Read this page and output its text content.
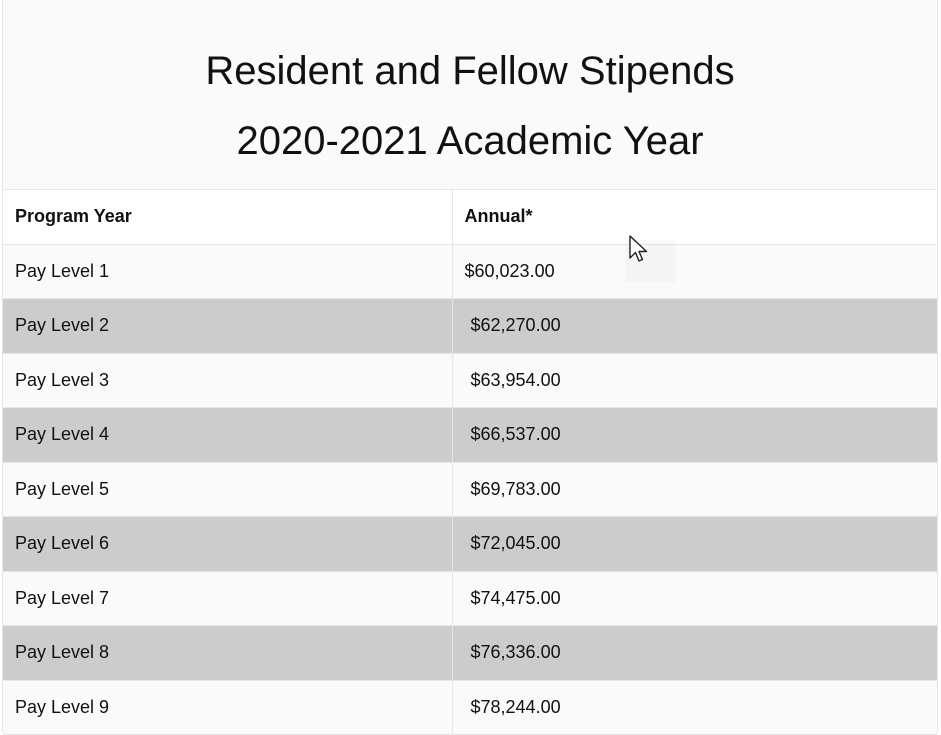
Resident and Fellow Stipends
2020-2021 Academic Year
Program Year	Annual*
Pay Level 1	$60,023.00
Pay Level 2	$62,270.00
Pay Level 3	$63,954.00
Pay Level 4	$66,537.00
Pay Level 5	$69,783.00
Pay Level 6	$72,045.00
Pay Level 7	$74,475.00
Pay Level 8	$76,336.00
Pay Level 9	$78,244.00
